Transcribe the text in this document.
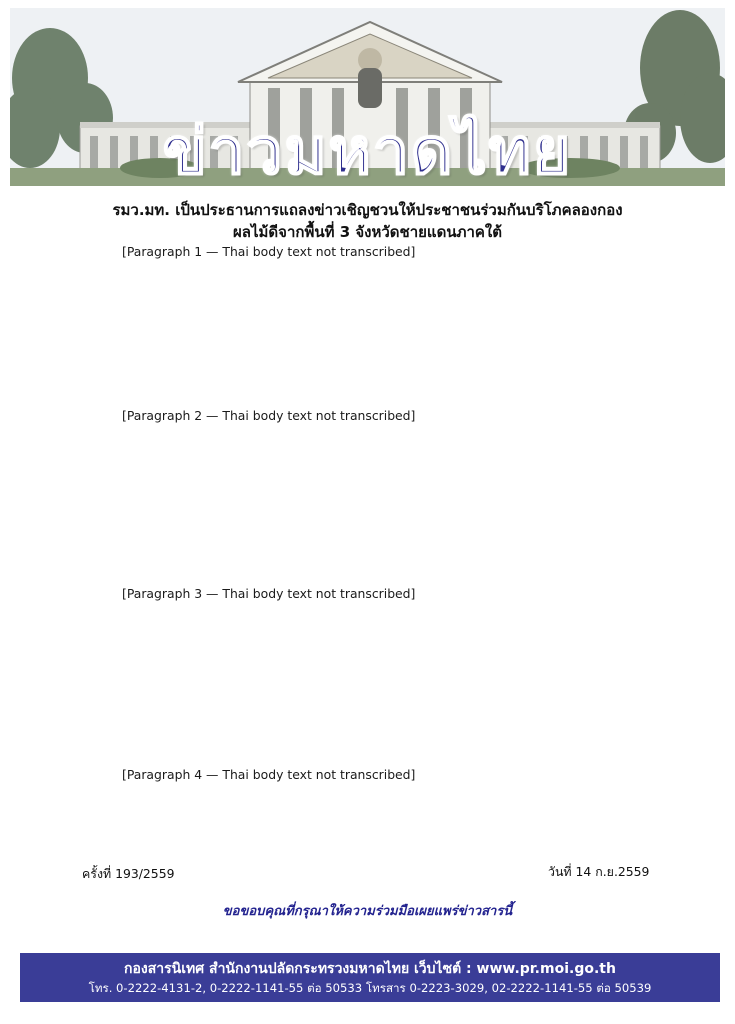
ข่าวมหาดไทย
รมว.มท. เป็นประธานการแถลงข่าวเชิญชวนให้ประชาชนร่วมกันบริโภคลองกอง
ผลไม้ดีจากพื้นที่ 3 จังหวัดชายแดนภาคใต้
[Paragraph 1 — Thai body text not transcribed]
[Paragraph 2 — Thai body text not transcribed]
[Paragraph 3 — Thai body text not transcribed]
[Paragraph 4 — Thai body text not transcribed]
ครั้งที่ 193/2559	วันที่ 14 ก.ย.2559
ขอขอบคุณที่กรุณาให้ความร่วมมือเผยแพร่ข่าวสารนี้
กองสารนิเทศ สำนักงานปลัดกระทรวงมหาดไทย เว็บไซต์ : www.pr.moi.go.th
โทร. 0-2222-4131-2, 0-2222-1141-55 ต่อ 50533 โทรสาร 0-2223-3029, 02-2222-1141-55 ต่อ 50539
